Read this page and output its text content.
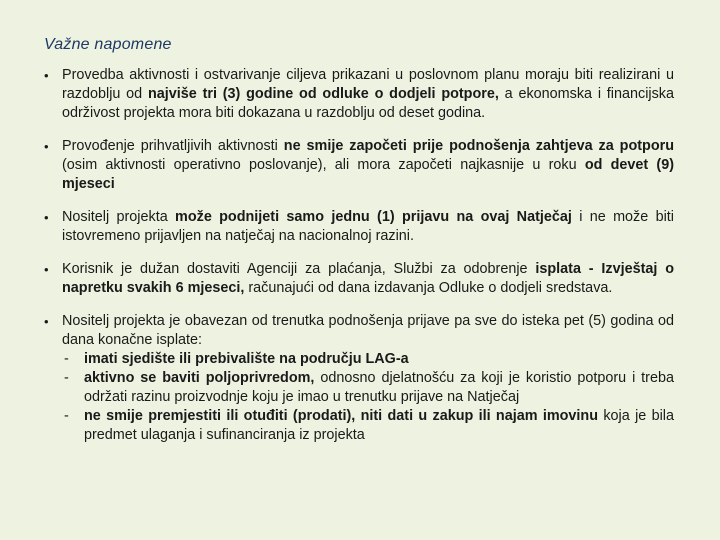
Važne napomene
• Provedba aktivnosti i ostvarivanje ciljeva prikazani u poslovnom planu moraju biti realizirani u razdoblju od najviše tri (3) godine od odluke o dodjeli potpore, a ekonomska i financijska održivost projekta mora biti dokazana u razdoblju od deset godina.
• Provođenje prihvatljivih aktivnosti ne smije započeti prije podnošenja zahtjeva za potporu (osim aktivnosti operativno poslovanje), ali mora započeti najkasnije u roku od devet (9) mjeseci
• Nositelj projekta može podnijeti samo jednu (1) prijavu na ovaj Natječaj i ne može biti istovremeno prijavljen na natječaj na nacionalnoj razini.
• Korisnik je dužan dostaviti Agenciji za plaćanja, Službi za odobrenje isplata - Izvještaj o napretku svakih 6 mjeseci, računajući od dana izdavanja Odluke o dodjeli sredstava.
• Nositelj projekta je obavezan od trenutka podnošenja prijave pa sve do isteka pet (5) godina od dana konačne isplate:
- imati sjedište ili prebivalište na području LAG-a
- aktivno se baviti poljoprivredom, odnosno djelatnošću za koji je koristio potporu i treba održati razinu proizvodnje koju je imao u trenutku prijave na Natječaj
- ne smije premjestiti ili otuđiti (prodati), niti dati u zakup ili najam imovinu koja je bila predmet ulaganja i sufinanciranja iz projekta
